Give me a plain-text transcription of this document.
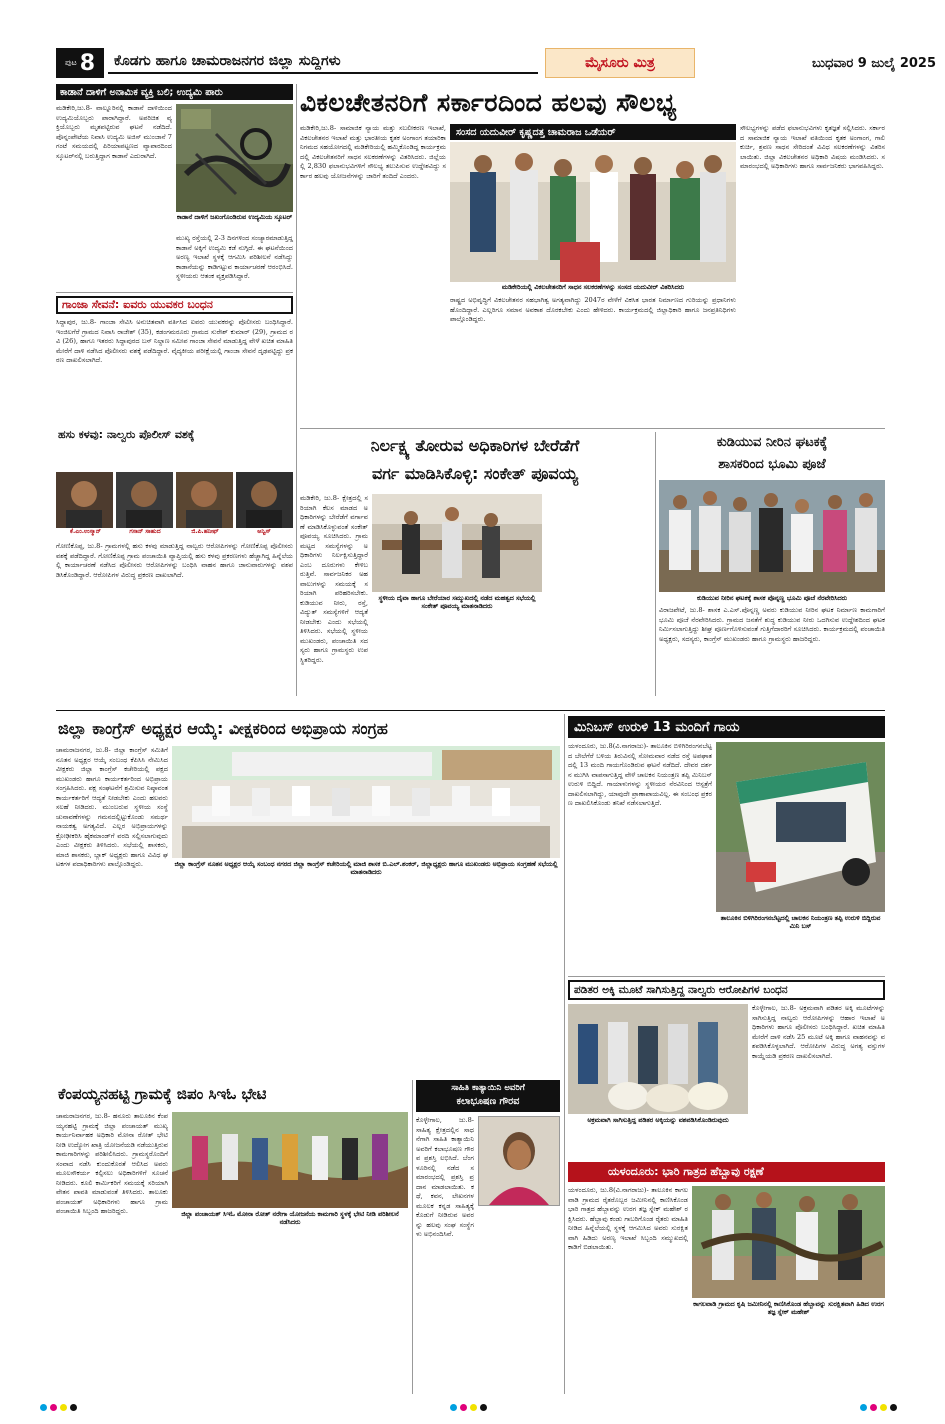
ಪುಟ 8	ಕೊಡಗು ಹಾಗೂ ಚಾಮರಾಜನಗರ ಜಿಲ್ಲಾ ಸುದ್ದಿಗಳು	ಮೈಸೂರು ಮಿತ್ರ	ಬುಧವಾರ 9 ಜುಲೈ 2025
ಕಾಡಾನೆ ದಾಳಿಗೆ ಅನಾಮಿಕ ವ್ಯಕ್ತಿ ಬಲಿ; ಉದ್ಯಮಿ ಪಾರು
ಮಡಿಕೇರಿ,ಜು.8- ವಾಲ್ನೂರಿನಲ್ಲಿ ಕಾಡಾನೆ ದಾಳಿಯಿಂದ ಉದ್ಯಮಿಯೊಬ್ಬರು ಪಾರಾಗಿದ್ದಾರೆ. ಅಪರಿಚಿತ ವ್ಯಕ್ತಿಯೊಬ್ಬರು ಮೃತಪಟ್ಟಿರುವ ಘಟನೆ ನಡೆದಿದೆ. ಪೊನ್ನಂಪೇಟೆಯ ನಿವಾಸಿ ಉದ್ಯಮಿ ಅಜಿಸ್ ಮುಂಜಾನೆ 7 ಗಂಟೆ ಸಮಯದಲ್ಲಿ ಪಿರಿಯಾಪಟ್ಟಣದ ವ್ಯಾಪಾರದಿಂದ ಸ್ಕೂಟರ್‌ನಲ್ಲಿ ಬರುತ್ತಿದ್ದಾಗ ಕಾಡಾನೆ ಎದುರಾಗಿದೆ.
ಕಾಡಾನೆ ದಾಳಿಗೆ ಜಖಂಗೊಂಡಿರುವ ಉದ್ಯಮಿಯ ಸ್ಕೂಟರ್
ಮುಖ್ಯ ರಸ್ತೆಯಲ್ಲಿ 2-3 ದಿನಗಳಿಂದ ಸಂಚ್ಯಾರಮಾಡುತ್ತಿದ್ದ ಕಾಡಾನೆ ಅಕ್ಕಿಗೆ ಉದ್ಯಮಿ ಕಡೆ ನುಗ್ಗಿದೆ. ಈ ಘಟನೆಯಿಂದ ಅರಣ್ಯ ಇಲಾಖೆ ಸ್ಥಳಕ್ಕೆ ಆಗಮಿಸಿ ಪರಿಶೀಲನೆ ನಡೆಸಿದ್ದು ಕಾಡಾನೆಯನ್ನು ಕಾಡಿಗಟ್ಟುವ ಕಾರ್ಯಾಚರಣೆ ಆರಂಭಿಸಿದೆ. ಸ್ಥಳೀಯರು ಆತಂಕ ವ್ಯಕ್ತಪಡಿಸಿದ್ದಾರೆ.
ಗಾಂಜಾ ಸೇವನೆ: ಐವರು ಯುವಕರ ಬಂಧನ
ಸಿದ್ದಾಪುರ, ಜು.8- ಗಾಂಜಾ ಸೇವಿಸಿ ಅನುಚಿತವಾಗಿ ವರ್ತಿಸಿದ ಐವರು ಯುವಕರನ್ನು ಪೊಲೀಸರು ಬಂಧಿಸಿದ್ದಾರೆ. ಇಂಜಿಲಗೆರೆ ಗ್ರಾಮದ ನಿವಾಸಿ ರಾಜೇಶ್ (35), ಕಡಂಗಮರೂರು ಗ್ರಾಮದ ಸುರೇಶ್ ಕುಮಾರ್ (29), ಗ್ರಾಮದ ರವಿ (26), ಹಾಗೂ ಇತರರು ಸಿದ್ದಾಪುರದ ಬಸ್ ನಿಲ್ದಾಣ ಸಮೀಪ ಗಾಂಜಾ ಸೇವನೆ ಮಾಡುತ್ತಿದ್ದ ವೇಳೆ ಖಚಿತ ಮಾಹಿತಿ ಮೇರೆಗೆ ದಾಳಿ ನಡೆಸಿದ ಪೊಲೀಸರು ವಶಕ್ಕೆ ಪಡೆದಿದ್ದಾರೆ. ವೈದ್ಯಕೀಯ ಪರೀಕ್ಷೆಯಲ್ಲಿ ಗಾಂಜಾ ಸೇವನೆ ದೃಢಪಟ್ಟಿದ್ದು ಪ್ರಕರಣ ದಾಖಲಿಸಲಾಗಿದೆ.
ಹಸು ಕಳವು: ನಾಲ್ವರು ಪೊಲೀಸ್ ವಶಕ್ಕೆ
ಕೆ.ಎಂ.ಉಸ್ಮಾನ್	ಗಸಾನ್ ಸಾಹುದ	ಜಿ.ಪಿ.ಹನೀಫ್	ಅನ್ವಿಸ್
ಗೋಣಿಕೊಪ್ಪ, ಜು.8- ಗ್ರಾಮಗಳಲ್ಲಿ ಹಸು ಕಳವು ಮಾಡುತ್ತಿದ್ದ ನಾಲ್ವರು ಆರೋಪಿಗಳನ್ನು ಗೋಣಿಕೊಪ್ಪ ಪೊಲೀಸರು ವಶಕ್ಕೆ ಪಡೆದಿದ್ದಾರೆ. ಗೋಣಿಕೊಪ್ಪ ಗ್ರಾಮ ಪಂಚಾಯಿತಿ ವ್ಯಾಪ್ತಿಯಲ್ಲಿ ಹಸು ಕಳವು ಪ್ರಕರಣಗಳು ಹೆಚ್ಚಾಗಿದ್ದ ಹಿನ್ನೆಲೆಯಲ್ಲಿ ಕಾರ್ಯಾಚರಣೆ ನಡೆಸಿದ ಪೊಲೀಸರು ಆರೋಪಿಗಳನ್ನು ಬಂಧಿಸಿ ವಾಹನ ಹಾಗೂ ಜಾನುವಾರುಗಳನ್ನು ವಶಪಡಿಸಿಕೊಂಡಿದ್ದಾರೆ. ಆರೋಪಿಗಳ ವಿರುದ್ಧ ಪ್ರಕರಣ ದಾಖಲಾಗಿದೆ.
ವಿಕಲಚೇತನರಿಗೆ ಸರ್ಕಾರದಿಂದ ಹಲವು ಸೌಲಭ್ಯ
ಮಡಿಕೇರಿ,ಜು.8- ಸಾಮಾಜಿಕ ನ್ಯಾಯ ಮತ್ತು ಸಬಲೀಕರಣ ಇಲಾಖೆ, ವಿಕಲಚೇತನರ ಇಲಾಖೆ ಮತ್ತು ಭಾರತೀಯ ಕೃತಕ ಅಂಗಾಂಗ ತಯಾರಿಕಾ ನಿಗಮದ ಸಹಯೋಗದಲ್ಲಿ ಮಡಿಕೇರಿಯಲ್ಲಿ ಹಮ್ಮಿಕೊಂಡಿದ್ದ ಕಾರ್ಯಕ್ರಮದಲ್ಲಿ ವಿಕಲಚೇತನರಿಗೆ ಸಾಧನ ಸಲಕರಣೆಗಳನ್ನು ವಿತರಿಸಿದರು. ಜಿಲ್ಲೆಯಲ್ಲಿ 2,830 ಫಲಾನುಭವಿಗಳಿಗೆ ಸೌಲಭ್ಯ ತಲುಪಿಸುವ ಉದ್ದೇಶವಿದ್ದು ಸರ್ಕಾರ ಹಲವು ಯೋಜನೆಗಳನ್ನು ಜಾರಿಗೆ ತಂದಿದೆ ಎಂದರು.
ಸಂಸದ ಯದುವೀರ್ ಕೃಷ್ಣದತ್ತ ಚಾಮರಾಜ ಒಡೆಯರ್
ಮಡಿಕೇರಿಯಲ್ಲಿ ವಿಕಲಚೇತನರಿಗೆ ಸಾಧನ ಸಲಕರಣೆಗಳನ್ನು ಸಂಸದ ಯದುವೀರ್ ವಿತರಿಸಿದರು
ರಾಷ್ಟ್ರದ ಅಭಿವೃದ್ಧಿಗೆ ವಿಕಲಚೇತನರ ಸಹಭಾಗಿತ್ವ ಅಗತ್ಯವಾಗಿದ್ದು 2047ರ ವೇಳೆಗೆ ವಿಕಸಿತ ಭಾರತ ನಿರ್ಮಾಣದ ಗುರಿಯನ್ನು ಪ್ರಧಾನಿಗಳು ಹೊಂದಿದ್ದಾರೆ. ಎಲ್ಲರಿಗೂ ಸಮಾನ ಅವಕಾಶ ದೊರಕಬೇಕು ಎಂದು ಹೇಳಿದರು. ಕಾರ್ಯಕ್ರಮದಲ್ಲಿ ಜಿಲ್ಲಾಧಿಕಾರಿ ಹಾಗೂ ಜನಪ್ರತಿನಿಧಿಗಳು ಪಾಲ್ಗೊಂಡಿದ್ದರು.
ಸೌಲಭ್ಯಗಳನ್ನು ಪಡೆದ ಫಲಾನುಭವಿಗಳು ಕೃತಜ್ಞತೆ ಸಲ್ಲಿಸಿದರು. ಸರ್ಕಾರದ ಸಾಮಾಜಿಕ ನ್ಯಾಯ ಇಲಾಖೆ ವತಿಯಿಂದ ಕೃತಕ ಅಂಗಾಂಗ, ಗಾಲಿ ಕುರ್ಚಿ, ಶ್ರವಣ ಸಾಧನ ಸೇರಿದಂತೆ ವಿವಿಧ ಸಲಕರಣೆಗಳನ್ನು ವಿತರಿಸಲಾಯಿತು. ಜಿಲ್ಲಾ ವಿಕಲಚೇತನರ ಅಧಿಕಾರಿ ವಿಷಯ ಮಂಡಿಸಿದರು. ಸಮಾರಂಭದಲ್ಲಿ ಅಧಿಕಾರಿಗಳು ಹಾಗೂ ಸಾರ್ವಜನಿಕರು ಭಾಗವಹಿಸಿದ್ದರು.
ನಿರ್ಲಕ್ಷ್ಯ ತೋರುವ ಅಧಿಕಾರಿಗಳ ಬೇರೆಡೆಗೆ
ವರ್ಗ ಮಾಡಿಸಿಕೊಳ್ಳಿ: ಸಂಕೇತ್ ಪೂವಯ್ಯ
ಮಡಿಕೇರಿ, ಜು.8- ಕ್ಷೇತ್ರದಲ್ಲಿ ಸರಿಯಾಗಿ ಕೆಲಸ ಮಾಡದ ಅಧಿಕಾರಿಗಳನ್ನು ಬೇರೆಡೆಗೆ ವರ್ಗಾವಣೆ ಮಾಡಿಸಿಕೊಳ್ಳುವಂತೆ ಸಂಕೇತ್ ಪೂವಯ್ಯ ಸೂಚಿಸಿದರು. ಗ್ರಾಮ ಮಟ್ಟದ ಸಮಸ್ಯೆಗಳನ್ನು ಅಧಿಕಾರಿಗಳು ನಿರ್ಲಕ್ಷಿಸುತ್ತಿದ್ದಾರೆ ಎಂಬ ದೂರುಗಳು ಕೇಳಿಬರುತ್ತಿವೆ. ಸಾರ್ವಜನಿಕರ ಅಹವಾಲುಗಳನ್ನು ಸಮಯಕ್ಕೆ ಸರಿಯಾಗಿ ಪರಿಹರಿಸಬೇಕು. ಕುಡಿಯುವ ನೀರು, ರಸ್ತೆ, ವಿದ್ಯುತ್ ಸಮಸ್ಯೆಗಳಿಗೆ ಆದ್ಯತೆ ನೀಡಬೇಕು ಎಂದು ಸಭೆಯಲ್ಲಿ ತಿಳಿಸಿದರು. ಸಭೆಯಲ್ಲಿ ಸ್ಥಳೀಯ ಮುಖಂಡರು, ಪಂಚಾಯಿತಿ ಸದಸ್ಯರು ಹಾಗೂ ಗ್ರಾಮಸ್ಥರು ಉಪಸ್ಥಿತರಿದ್ದರು.
ಸ್ಥಳೀಯ ದೈವಾ ಹಾಗೂ ಬೇರೆಯಾರ ಸಮ್ಮುಖದಲ್ಲಿ ನಡೆದ ಮಹತ್ವದ ಸಭೆಯಲ್ಲಿ ಸಂಕೇತ್ ಪೂವಯ್ಯ ಮಾತನಾಡಿದರು
ಕುಡಿಯುವ ನೀರಿನ ಘಟಕಕ್ಕೆ
ಶಾಸಕರಿಂದ ಭೂಮಿ ಪೂಜೆ
ಕುಡಿಯುವ ನೀರಿನ ಘಟಕಕ್ಕೆ ಶಾಸಕ ಪೊನ್ನಣ್ಣ ಭೂಮಿ ಪೂಜೆ ನೆರವೇರಿಸಿದರು
ವಿರಾಜಪೇಟೆ, ಜು.8- ಶಾಸಕ ಎ.ಎಸ್.ಪೊನ್ನಣ್ಣ ಅವರು ಕುಡಿಯುವ ನೀರಿನ ಘಟಕ ನಿರ್ಮಾಣ ಕಾಮಗಾರಿಗೆ ಭೂಮಿ ಪೂಜೆ ನೆರವೇರಿಸಿದರು. ಗ್ರಾಮದ ಜನತೆಗೆ ಶುದ್ಧ ಕುಡಿಯುವ ನೀರು ಒದಗಿಸುವ ಉದ್ದೇಶದಿಂದ ಘಟಕ ನಿರ್ಮಿಸಲಾಗುತ್ತಿದ್ದು ಶೀಘ್ರ ಪೂರ್ಣಗೊಳಿಸುವಂತೆ ಗುತ್ತಿಗೆದಾರರಿಗೆ ಸೂಚಿಸಿದರು. ಕಾರ್ಯಕ್ರಮದಲ್ಲಿ ಪಂಚಾಯಿತಿ ಅಧ್ಯಕ್ಷರು, ಸದಸ್ಯರು, ಕಾಂಗ್ರೆಸ್ ಮುಖಂಡರು ಹಾಗೂ ಗ್ರಾಮಸ್ಥರು ಹಾಜರಿದ್ದರು.
ಜಿಲ್ಲಾ ಕಾಂಗ್ರೆಸ್ ಅಧ್ಯಕ್ಷರ ಆಯ್ಕೆ: ವೀಕ್ಷಕರಿಂದ ಅಭಿಪ್ರಾಯ ಸಂಗ್ರಹ
ಚಾಮರಾಜನಗರ, ಜು.8- ಜಿಲ್ಲಾ ಕಾಂಗ್ರೆಸ್ ಸಮಿತಿಗೆ ನೂತನ ಅಧ್ಯಕ್ಷರ ಆಯ್ಕೆ ಸಂಬಂಧ ಕೆಪಿಸಿಸಿ ನೇಮಿಸಿದ ವೀಕ್ಷಕರು ಜಿಲ್ಲಾ ಕಾಂಗ್ರೆಸ್ ಕಚೇರಿಯಲ್ಲಿ ಪಕ್ಷದ ಮುಖಂಡರು ಹಾಗೂ ಕಾರ್ಯಕರ್ತರಿಂದ ಅಭಿಪ್ರಾಯ ಸಂಗ್ರಹಿಸಿದರು. ಪಕ್ಷ ಸಂಘಟನೆಗೆ ಶ್ರಮಿಸುವ ನಿಷ್ಠಾವಂತ ಕಾರ್ಯಕರ್ತರಿಗೆ ಆದ್ಯತೆ ನೀಡಬೇಕು ಎಂದು ಹಲವರು ಸಲಹೆ ನೀಡಿದರು. ಮುಂಬರುವ ಸ್ಥಳೀಯ ಸಂಸ್ಥೆ ಚುನಾವಣೆಗಳನ್ನು ಗಮನದಲ್ಲಿಟ್ಟುಕೊಂಡು ಸಮರ್ಥ ನಾಯಕತ್ವ ಅಗತ್ಯವಿದೆ. ಎಲ್ಲರ ಅಭಿಪ್ರಾಯಗಳನ್ನು ಕ್ರೋಢೀಕರಿಸಿ ಹೈಕಮಾಂಡ್‌ಗೆ ವರದಿ ಸಲ್ಲಿಸಲಾಗುವುದು ಎಂದು ವೀಕ್ಷಕರು ತಿಳಿಸಿದರು. ಸಭೆಯಲ್ಲಿ ಶಾಸಕರು, ಮಾಜಿ ಶಾಸಕರು, ಬ್ಲಾಕ್ ಅಧ್ಯಕ್ಷರು ಹಾಗೂ ವಿವಿಧ ಘಟಕಗಳ ಪದಾಧಿಕಾರಿಗಳು ಪಾಲ್ಗೊಂಡಿದ್ದರು.	ಜಿಲ್ಲಾ ಕಾಂಗ್ರೆಸ್ ನೂತನ ಅಧ್ಯಕ್ಷರ ಆಯ್ಕೆ ಸಂಬಂಧ ನಗರದ ಜಿಲ್ಲಾ ಕಾಂಗ್ರೆಸ್ ಕಚೇರಿಯಲ್ಲಿ ಮಾಜಿ ಶಾಸಕ ಬಿ.ಎಲ್.ಶಂಕರ್, ಜಿಲ್ಲಾಧ್ಯಕ್ಷರು ಹಾಗೂ ಮುಖಂಡರು ಅಭಿಪ್ರಾಯ ಸಂಗ್ರಹಣೆ ಸಭೆಯಲ್ಲಿ ಮಾತನಾಡಿದರು
ಮಿನಿಬಸ್ ಉರುಳಿ 13 ಮಂದಿಗೆ ಗಾಯ
ಯಳಂದೂರು, ಜು.8(ವಿ.ನಾಗರಾಜು)- ತಾಲೂಕಿನ ಬಿಳಿಗಿರಿರಂಗನಬೆಟ್ಟದ ಬೇಲೆಗೆರೆ ಬಳಿಯ ತಿರುವಿನಲ್ಲಿ ಸೋಮವಾರ ನಡೆದ ರಸ್ತೆ ಅಪಘಾತದಲ್ಲಿ 13 ಮಂದಿ ಗಾಯಗೊಂಡಿರುವ ಘಟನೆ ನಡೆದಿದೆ. ದೇವರ ದರ್ಶನ ಮುಗಿಸಿ ವಾಪಸಾಗುತ್ತಿದ್ದ ವೇಳೆ ಚಾಲಕನ ನಿಯಂತ್ರಣ ತಪ್ಪಿ ಮಿನಿಬಸ್ ಉರುಳಿ ಬಿದ್ದಿದೆ. ಗಾಯಾಳುಗಳನ್ನು ಸ್ಥಳೀಯರ ನೆರವಿನಿಂದ ಆಸ್ಪತ್ರೆಗೆ ದಾಖಲಿಸಲಾಗಿದ್ದು, ಯಾವುದೇ ಪ್ರಾಣಾಪಾಯವಿಲ್ಲ. ಈ ಸಂಬಂಧ ಪ್ರಕರಣ ದಾಖಲಿಸಿಕೊಂಡು ತನಿಖೆ ನಡೆಸಲಾಗುತ್ತಿದೆ.
ತಾಲೂಕಿನ ಬಿಳಿಗಿರಿರಂಗನಬೆಟ್ಟದಲ್ಲಿ ಚಾಲಕನ ನಿಯಂತ್ರಣ ತಪ್ಪಿ ಉರುಳಿ ಬಿದ್ದಿರುವ ಮಿನಿ ಬಸ್
ಪಡಿತರ ಅಕ್ಕಿ ಮೂಟೆ ಸಾಗಿಸುತ್ತಿದ್ದ ನಾಲ್ವರು ಆರೋಪಿಗಳ ಬಂಧನ
ಅಕ್ರಮವಾಗಿ ಸಾಗಿಸುತ್ತಿದ್ದ ಪಡಿತರ ಅಕ್ಕಿಯನ್ನು ವಶಪಡಿಸಿಕೊಂಡಿರುವುದು
ಕೊಳ್ಳೇಗಾಲ, ಜು.8- ಅಕ್ರಮವಾಗಿ ಪಡಿತರ ಅಕ್ಕಿ ಮೂಟೆಗಳನ್ನು ಸಾಗಿಸುತ್ತಿದ್ದ ನಾಲ್ವರು ಆರೋಪಿಗಳನ್ನು ಆಹಾರ ಇಲಾಖೆ ಅಧಿಕಾರಿಗಳು ಹಾಗೂ ಪೊಲೀಸರು ಬಂಧಿಸಿದ್ದಾರೆ. ಖಚಿತ ಮಾಹಿತಿ ಮೇರೆಗೆ ದಾಳಿ ನಡೆಸಿ 25 ಮೂಟೆ ಅಕ್ಕಿ ಹಾಗೂ ವಾಹನವನ್ನು ವಶಪಡಿಸಿಕೊಳ್ಳಲಾಗಿದೆ. ಆರೋಪಿಗಳ ವಿರುದ್ಧ ಅಗತ್ಯ ವಸ್ತುಗಳ ಕಾಯ್ದೆಯಡಿ ಪ್ರಕರಣ ದಾಖಲಿಸಲಾಗಿದೆ.
ಯಳಂದೂರು: ಭಾರಿ ಗಾತ್ರದ ಹೆಬ್ಬಾವು ರಕ್ಷಣೆ
ಯಳಂದೂರು, ಜು.8(ವಿ.ನಾಗರಾಜು)- ತಾಲೂಕಿನ ಕಾಗಲವಾಡಿ ಗ್ರಾಮದ ರೈತರೊಬ್ಬರ ಜಮೀನಿನಲ್ಲಿ ಕಾಣಿಸಿಕೊಂಡ ಭಾರಿ ಗಾತ್ರದ ಹೆಬ್ಬಾವನ್ನು ಉರಗ ತಜ್ಞ ಸ್ನೇಕ್ ಮಹೇಶ್ ರಕ್ಷಿಸಿದರು. ಹೆಬ್ಬಾವು ಕಂಡು ಗಾಬರಿಗೊಂಡ ರೈತರು ಮಾಹಿತಿ ನೀಡಿದ ಹಿನ್ನೆಲೆಯಲ್ಲಿ ಸ್ಥಳಕ್ಕೆ ಆಗಮಿಸಿದ ಅವರು ಸುರಕ್ಷಿತವಾಗಿ ಹಿಡಿದು ಅರಣ್ಯ ಇಲಾಖೆ ಸಿಬ್ಬಂದಿ ಸಮ್ಮುಖದಲ್ಲಿ ಕಾಡಿಗೆ ಬಿಡಲಾಯಿತು.
ಕಾಗಲವಾಡಿ ಗ್ರಾಮದ ಕೃಷಿ ಜಮೀನಿನಲ್ಲಿ ಕಾಣಿಸಿಕೊಂಡ ಹೆಬ್ಬಾವನ್ನು ಸುರಕ್ಷಿತವಾಗಿ ಹಿಡಿದ ಉರಗ ತಜ್ಞ ಸ್ನೇಕ್ ಮಹೇಶ್
ಕೆಂಪಯ್ಯನಹಟ್ಟಿ ಗ್ರಾಮಕ್ಕೆ ಜಿಪಂ ಸಿಇಓ ಭೇಟಿ
ಚಾಮರಾಜನಗರ, ಜು.8- ಹನೂರು ತಾಲೂಕಿನ ಕೆಂಪಯ್ಯನಹಟ್ಟಿ ಗ್ರಾಮಕ್ಕೆ ಜಿಲ್ಲಾ ಪಂಚಾಯತ್ ಮುಖ್ಯ ಕಾರ್ಯನಿರ್ವಾಹಕ ಅಧಿಕಾರಿ ಮೋನಾ ರೋತ್ ಭೇಟಿ ನೀಡಿ ಉದ್ಯೋಗ ಖಾತ್ರಿ ಯೋಜನೆಯಡಿ ನಡೆಯುತ್ತಿರುವ ಕಾಮಗಾರಿಗಳನ್ನು ಪರಿಶೀಲಿಸಿದರು. ಗ್ರಾಮಸ್ಥರೊಂದಿಗೆ ಸಂವಾದ ನಡೆಸಿ ಕುಂದುಕೊರತೆ ಆಲಿಸಿದ ಅವರು ಮೂಲಸೌಕರ್ಯ ಕಲ್ಪಿಸಲು ಅಧಿಕಾರಿಗಳಿಗೆ ಸೂಚನೆ ನೀಡಿದರು. ಕೂಲಿ ಕಾರ್ಮಿಕರಿಗೆ ಸಮಯಕ್ಕೆ ಸರಿಯಾಗಿ ವೇತನ ಪಾವತಿ ಮಾಡುವಂತೆ ತಿಳಿಸಿದರು. ತಾಲೂಕು ಪಂಚಾಯತ್ ಅಧಿಕಾರಿಗಳು ಹಾಗೂ ಗ್ರಾಮ ಪಂಚಾಯಿತಿ ಸಿಬ್ಬಂದಿ ಹಾಜರಿದ್ದರು.	ಜಿಲ್ಲಾ ಪಂಚಾಯತ್ ಸಿಇಓ ಮೋನಾ ರೋತ್ ನರೇಗಾ ಯೋಜನೆಯ ಕಾಮಗಾರಿ ಸ್ಥಳಕ್ಕೆ ಭೇಟಿ ನೀಡಿ ಪರಿಶೀಲನೆ ನಡೆಸಿದರು
ಸಾಹಿತಿ ಕಾತ್ಯಾಯಿನಿ ಅವರಿಗೆ
ಕಲಾಭೂಷಣ ಗೌರವ
ಕೊಳ್ಳೇಗಾಲ, ಜು.8- ಸಾಹಿತ್ಯ ಕ್ಷೇತ್ರದಲ್ಲಿನ ಸಾಧನೆಗಾಗಿ ಸಾಹಿತಿ ಕಾತ್ಯಾಯಿನಿ ಅವರಿಗೆ ಕಲಾಭೂಷಣ ಗೌರವ ಪ್ರಶಸ್ತಿ ಲಭಿಸಿದೆ. ಬೆಂಗಳೂರಿನಲ್ಲಿ ನಡೆದ ಸಮಾರಂಭದಲ್ಲಿ ಪ್ರಶಸ್ತಿ ಪ್ರದಾನ ಮಾಡಲಾಯಿತು. ಕಥೆ, ಕವನ, ಲೇಖನಗಳ ಮೂಲಕ ಕನ್ನಡ ಸಾಹಿತ್ಯಕ್ಕೆ ಕೊಡುಗೆ ನೀಡಿರುವ ಅವರನ್ನು ಹಲವು ಸಂಘ ಸಂಸ್ಥೆಗಳು ಅಭಿನಂದಿಸಿವೆ.
